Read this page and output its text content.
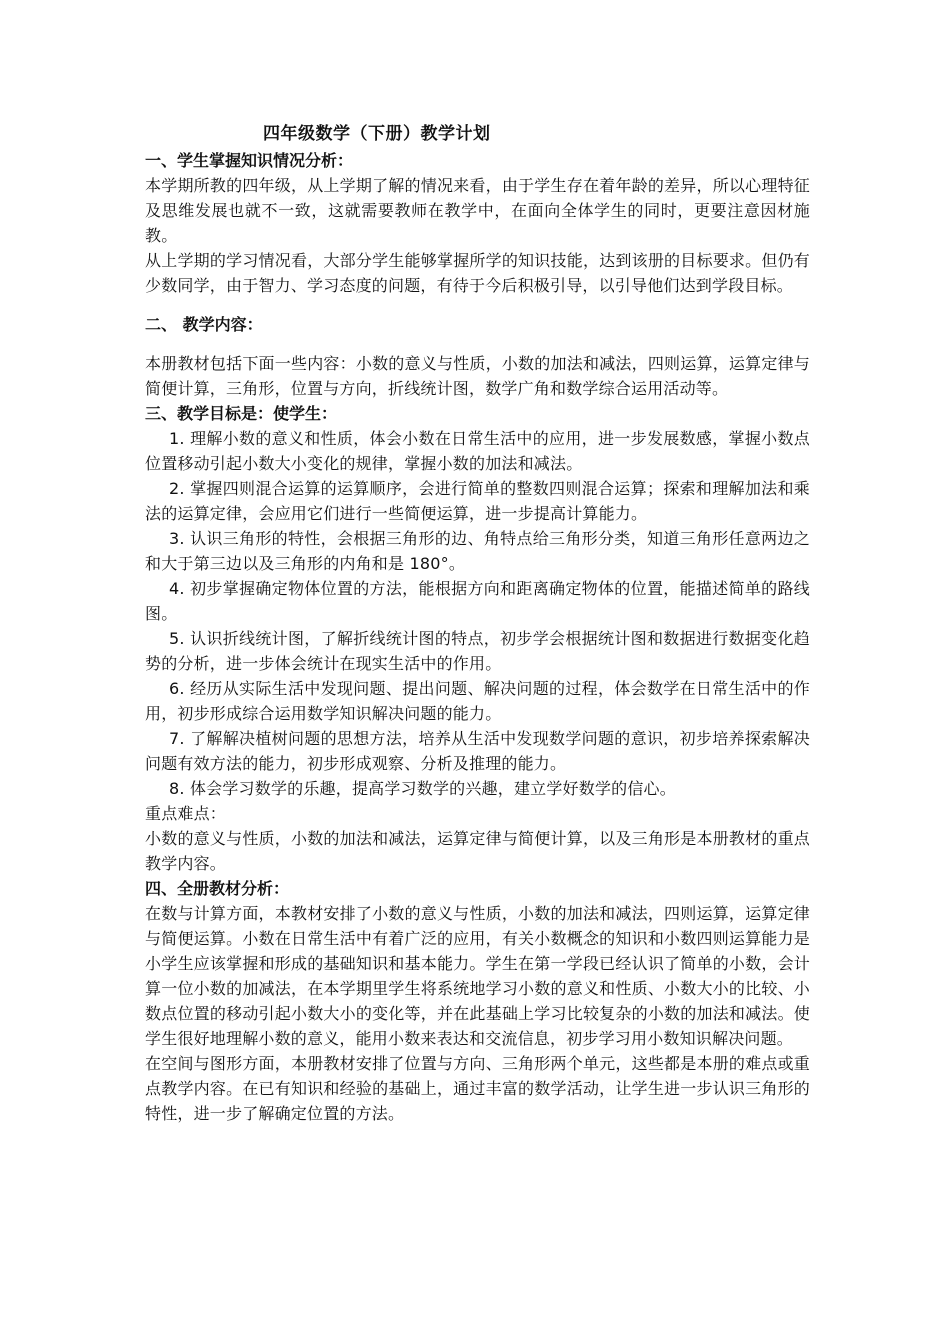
四年级数学（下册）教学计划
一、学生掌握知识情况分析：

本学期所教的四年级，从上学期了解的情况来看，由于学生存在着年龄的差异，所以心理特征及思维发展也就不一致，这就需要教师在教学中，在面向全体学生的同时，更要注意因材施教。

从上学期的学习情况看，大部分学生能够掌握所学的知识技能，达到该册的目标要求。但仍有少数同学，由于智力、学习态度的问题，有待于今后积极引导，以引导他们达到学段目标。

二、 教学内容：

本册教材包括下面一些内容：小数的意义与性质，小数的加法和减法，四则运算，运算定律与简便计算，三角形，位置与方向，折线统计图，数学广角和数学综合运用活动等。

三、教学目标是：使学生：

1. 理解小数的意义和性质，体会小数在日常生活中的应用，进一步发展数感，掌握小数点位置移动引起小数大小变化的规律，掌握小数的加法和减法。

2. 掌握四则混合运算的运算顺序，会进行简单的整数四则混合运算；探索和理解加法和乘法的运算定律，会应用它们进行一些简便运算，进一步提高计算能力。

3. 认识三角形的特性，会根据三角形的边、角特点给三角形分类，知道三角形任意两边之和大于第三边以及三角形的内角和是 180°。

4. 初步掌握确定物体位置的方法，能根据方向和距离确定物体的位置，能描述简单的路线图。

5. 认识折线统计图，了解折线统计图的特点，初步学会根据统计图和数据进行数据变化趋势的分析，进一步体会统计在现实生活中的作用。

6. 经历从实际生活中发现问题、提出问题、解决问题的过程，体会数学在日常生活中的作用，初步形成综合运用数学知识解决问题的能力。

7. 了解解决植树问题的思想方法，培养从生活中发现数学问题的意识，初步培养探索解决问题有效方法的能力，初步形成观察、分析及推理的能力。

8. 体会学习数学的乐趣，提高学习数学的兴趣，建立学好数学的信心。

重点难点：

小数的意义与性质，小数的加法和减法，运算定律与简便计算，以及三角形是本册教材的重点教学内容。

四、全册教材分析：

在数与计算方面，本教材安排了小数的意义与性质，小数的加法和减法，四则运算，运算定律与简便运算。小数在日常生活中有着广泛的应用，有关小数概念的知识和小数四则运算能力是小学生应该掌握和形成的基础知识和基本能力。学生在第一学段已经认识了简单的小数，会计算一位小数的加减法，在本学期里学生将系统地学习小数的意义和性质、小数大小的比较、小数点位置的移动引起小数大小的变化等，并在此基础上学习比较复杂的小数的加法和减法。使学生很好地理解小数的意义，能用小数来表达和交流信息，初步学习用小数知识解决问题。

在空间与图形方面，本册教材安排了位置与方向、三角形两个单元，这些都是本册的难点或重点教学内容。在已有知识和经验的基础上，通过丰富的数学活动，让学生进一步认识三角形的特性，进一步了解确定位置的方法。
